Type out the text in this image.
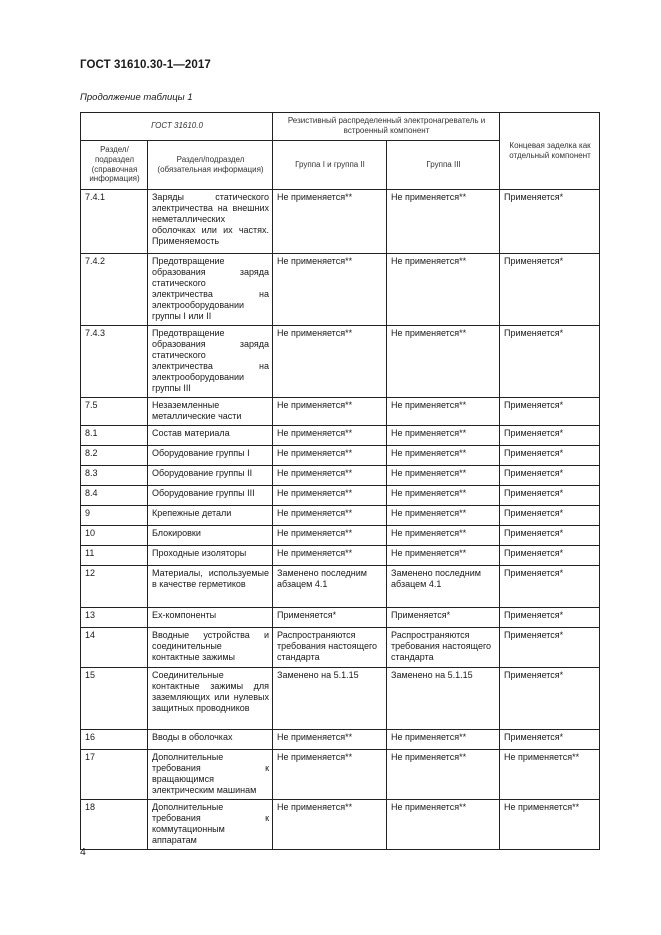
ГОСТ 31610.30-1—2017
Продолжение таблицы 1
ГОСТ 31610.0		Резистивный распределенный электронагреватель и встроенный компонент		Концевая заделка как отдельный компонент
Раздел/ подраздел (справочная информация)	Раздел/подраздел (обязательная информация)	Группа I и группа II	Группа III	
7.4.1	Заряды статического электричества на внешних неметаллических оболочках или их частях. Применяемость	Не применяется**	Не применяется**	Применяется*
7.4.2	Предотвращение образования заряда статического электричества на электрооборудовании группы I или II	Не применяется**	Не применяется**	Применяется*
7.4.3	Предотвращение образования заряда статического электричества на электрооборудовании группы III	Не применяется**	Не применяется**	Применяется*
7.5	Незаземленные металлические части	Не применяется**	Не применяется**	Применяется*
8.1	Состав материала	Не применяется**	Не применяется**	Применяется*
8.2	Оборудование группы I	Не применяется**	Не применяется**	Применяется*
8.3	Оборудование группы II	Не применяется**	Не применяется**	Применяется*
8.4	Оборудование группы III	Не применяется**	Не применяется**	Применяется*
9	Крепежные детали	Не применяется**	Не применяется**	Применяется*
10	Блокировки	Не применяется**	Не применяется**	Применяется*
11	Проходные изоляторы	Не применяется**	Не применяется**	Применяется*
12	Материалы, используемые в качестве герметиков	Заменено последним абзацем 4.1	Заменено последним абзацем 4.1	Применяется*
13	Ex-компоненты	Применяется*	Применяется*	Применяется*
14	Вводные устройства и соединительные контактные зажимы	Распространяются требования настоящего стандарта	Распространяются требования настоящего стандарта	Применяется*
15	Соединительные контактные зажимы для заземляющих или нулевых защитных проводников	Заменено на 5.1.15	Заменено на 5.1.15	Применяется*
16	Вводы в оболочках	Не применяется**	Не применяется**	Применяется*
17	Дополнительные требования к вращающимся электрическим машинам	Не применяется**	Не применяется**	Не применяется**
18	Дополнительные требования к коммутационным аппаратам	Не применяется**	Не применяется**	Не применяется**
4
